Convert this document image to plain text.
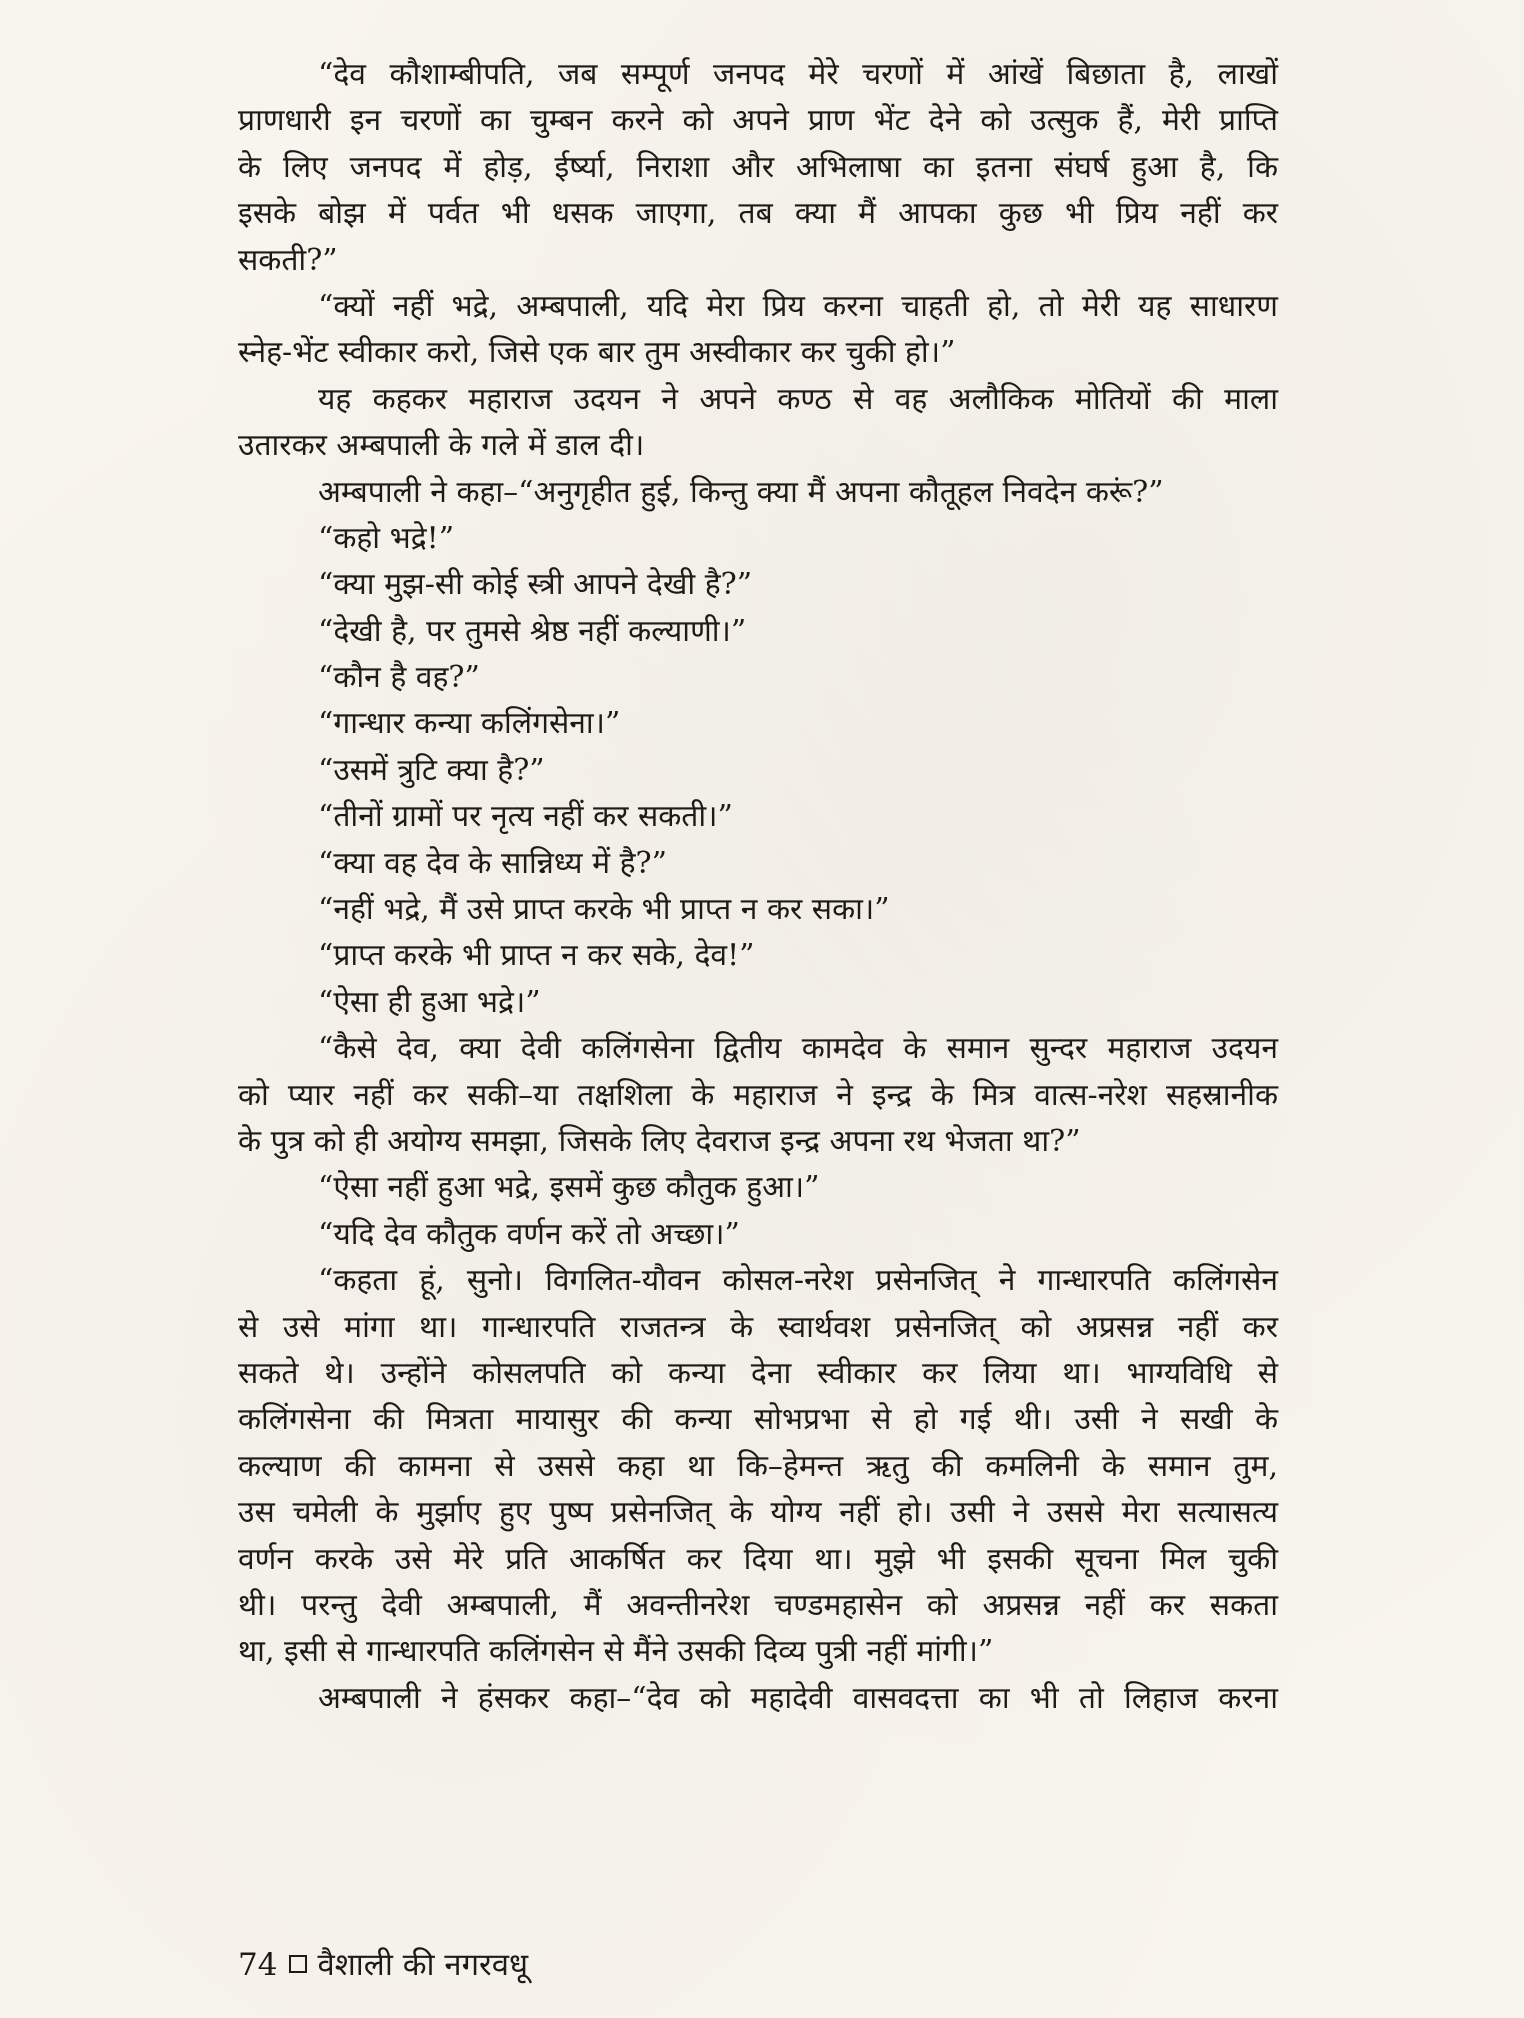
“देव कौशाम्बीपति, जब सम्पूर्ण जनपद मेरे चरणों में आंखें बिछाता है, लाखों
प्राणधारी इन चरणों का चुम्बन करने को अपने प्राण भेंट देने को उत्सुक हैं, मेरी प्राप्ति
के लिए जनपद में होड़, ईर्ष्या, निराशा और अभिलाषा का इतना संघर्ष हुआ है, कि
इसके बोझ में पर्वत भी धसक जाएगा, तब क्या मैं आपका कुछ भी प्रिय नहीं कर
सकती?”
“क्यों नहीं भद्रे, अम्बपाली, यदि मेरा प्रिय करना चाहती हो, तो मेरी यह साधारण
स्नेह-भेंट स्वीकार करो, जिसे एक बार तुम अस्वीकार कर चुकी हो।”
यह कहकर महाराज उदयन ने अपने कण्ठ से वह अलौकिक मोतियों की माला
उतारकर अम्बपाली के गले में डाल दी।
अम्बपाली ने कहा–“अनुगृहीत हुई, किन्तु क्या मैं अपना कौतूहल निवदेन करूं?”
“कहो भद्रे!”
“क्या मुझ-सी कोई स्त्री आपने देखी है?”
“देखी है, पर तुमसे श्रेष्ठ नहीं कल्याणी।”
“कौन है वह?”
“गान्धार कन्या कलिंगसेना।”
“उसमें त्रुटि क्या है?”
“तीनों ग्रामों पर नृत्य नहीं कर सकती।”
“क्या वह देव के सान्निध्य में है?”
“नहीं भद्रे, मैं उसे प्राप्त करके भी प्राप्त न कर सका।”
“प्राप्त करके भी प्राप्त न कर सके, देव!”
“ऐसा ही हुआ भद्रे।”
“कैसे देव, क्या देवी कलिंगसेना द्वितीय कामदेव के समान सुन्दर महाराज उदयन
को प्यार नहीं कर सकी–या तक्षशिला के महाराज ने इन्द्र के मित्र वात्स-नरेश सहस्रानीक
के पुत्र को ही अयोग्य समझा, जिसके लिए देवराज इन्द्र अपना रथ भेजता था?”
“ऐसा नहीं हुआ भद्रे, इसमें कुछ कौतुक हुआ।”
“यदि देव कौतुक वर्णन करें तो अच्छा।”
“कहता हूं, सुनो। विगलित-यौवन कोसल-नरेश प्रसेनजित् ने गान्धारपति कलिंगसेन
से उसे मांगा था। गान्धारपति राजतन्त्र के स्वार्थवश प्रसेनजित् को अप्रसन्न नहीं कर
सकते थे। उन्होंने कोसलपति को कन्या देना स्वीकार कर लिया था। भाग्यविधि से
कलिंगसेना की मित्रता मायासुर की कन्या सोभप्रभा से हो गई थी। उसी ने सखी के
कल्याण की कामना से उससे कहा था कि–हेमन्त ऋतु की कमलिनी के समान तुम,
उस चमेली के मुर्झाए हुए पुष्प प्रसेनजित् के योग्य नहीं हो। उसी ने उससे मेरा सत्यासत्य
वर्णन करके उसे मेरे प्रति आकर्षित कर दिया था। मुझे भी इसकी सूचना मिल चुकी
थी। परन्तु देवी अम्बपाली, मैं अवन्तीनरेश चण्डमहासेन को अप्रसन्न नहीं कर सकता
था, इसी से गान्धारपति कलिंगसेन से मैंने उसकी दिव्य पुत्री नहीं मांगी।”
अम्बपाली ने हंसकर कहा–“देव को महादेवी वासवदत्ता का भी तो लिहाज करना
74 वैशाली की नगरवधू
